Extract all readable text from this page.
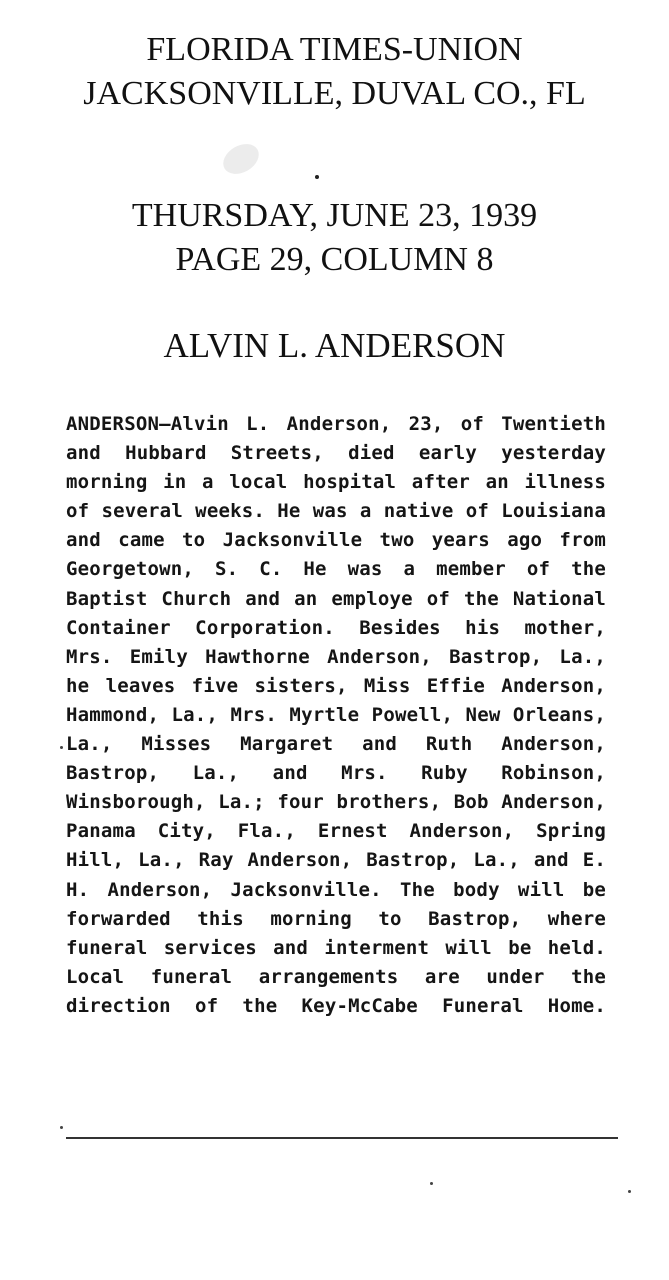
FLORIDA TIMES-UNION
JACKSONVILLE, DUVAL CO., FL
THURSDAY, JUNE 23, 1939
PAGE 29, COLUMN 8
ALVIN L. ANDERSON

ANDERSON—Alvin L. Anderson, 23, of Twentieth and Hubbard Streets, died early yesterday morning in a local hospital after an illness of several weeks. He was a native of Louisiana and came to Jacksonville two years ago from Georgetown, S. C. He was a member of the Baptist Church and an employe of the National Container Corporation. Besides his mother, Mrs. Emily Hawthorne Anderson, Bastrop, La., he leaves five sisters, Miss Effie Anderson, Hammond, La., Mrs. Myrtle Powell, New Orleans, La., Misses Margaret and Ruth Anderson, Bastrop, La., and Mrs. Ruby Robinson, Winsborough, La.; four brothers, Bob Anderson, Panama City, Fla., Ernest Anderson, Spring Hill, La., Ray Anderson, Bastrop, La., and E. H. Anderson, Jacksonville. The body will be forwarded this morning to Bastrop, where funeral services and interment will be held. Local funeral arrangements are under the direction of the Key-McCabe Funeral Home.
